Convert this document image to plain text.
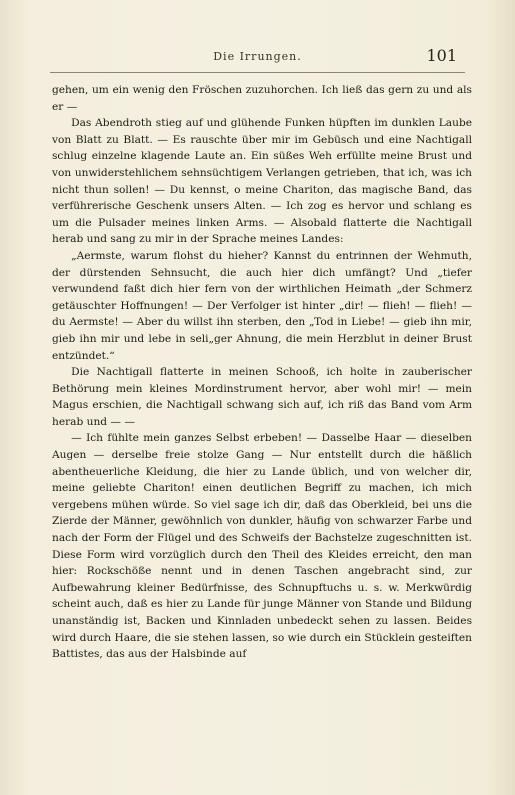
Die Irrungen.	101

gehen, um ein wenig den Fröschen zuzuhorchen. Ich ließ das gern zu und als er —

Das Abendroth stieg auf und glühende Funken hüpften im dunklen Laube von Blatt zu Blatt. — Es rauschte über mir im Gebüsch und eine Nachtigall schlug einzelne klagende Laute an. Ein süßes Weh erfüllte meine Brust und von unwiderstehlichem sehnsüchtigem Verlangen getrieben, that ich, was ich nicht thun sollen! — Du kennst, o meine Chariton, das magische Band, das verführerische Geschenk unsers Alten. — Ich zog es hervor und schlang es um die Pulsader meines linken Arms. — Alsobald flatterte die Nachtigall herab und sang zu mir in der Sprache meines Landes:

„Aermste, warum flohst du hieher? Kannst du entrinnen der Wehmuth, der dürstenden Sehnsucht, die auch hier dich umfängt? Und „tiefer verwundend faßt dich hier fern von der wirthlichen Heimath „der Schmerz getäuschter Hoffnungen! — Der Verfolger ist hinter „dir! — flieh! — flieh! — du Aermste! — Aber du willst ihn sterben, den „Tod in Liebe! — gieb ihn mir, gieb ihn mir und lebe in seli„ger Ahnung, die mein Herzblut in deiner Brust entzündet.“

Die Nachtigall flatterte in meinen Schooß, ich holte in zauberischer Bethörung mein kleines Mordinstrument hervor, aber wohl mir! — mein Magus erschien, die Nachtigall schwang sich auf, ich riß das Band vom Arm herab und — —

— Ich fühlte mein ganzes Selbst erbeben! — Dasselbe Haar — dieselben Augen — derselbe freie stolze Gang — Nur entstellt durch die häßlich abentheuerliche Kleidung, die hier zu Lande üblich, und von welcher dir, meine geliebte Chariton! einen deutlichen Begriff zu machen, ich mich vergebens mühen würde. So viel sage ich dir, daß das Oberkleid, bei uns die Zierde der Männer, gewöhnlich von dunkler, häufig von schwarzer Farbe und nach der Form der Flügel und des Schweifs der Bachstelze zugeschnitten ist. Diese Form wird vorzüglich durch den Theil des Kleides erreicht, den man hier: Rockschöße nennt und in denen Taschen angebracht sind, zur Aufbewahrung kleiner Bedürfnisse, des Schnupftuchs u. s. w. Merkwürdig scheint auch, daß es hier zu Lande für junge Männer von Stande und Bildung unanständig ist, Backen und Kinnladen unbedeckt sehen zu lassen. Beides wird durch Haare, die sie stehen lassen, so wie durch ein Stücklein gesteiften Battistes, das aus der Halsbinde auf
